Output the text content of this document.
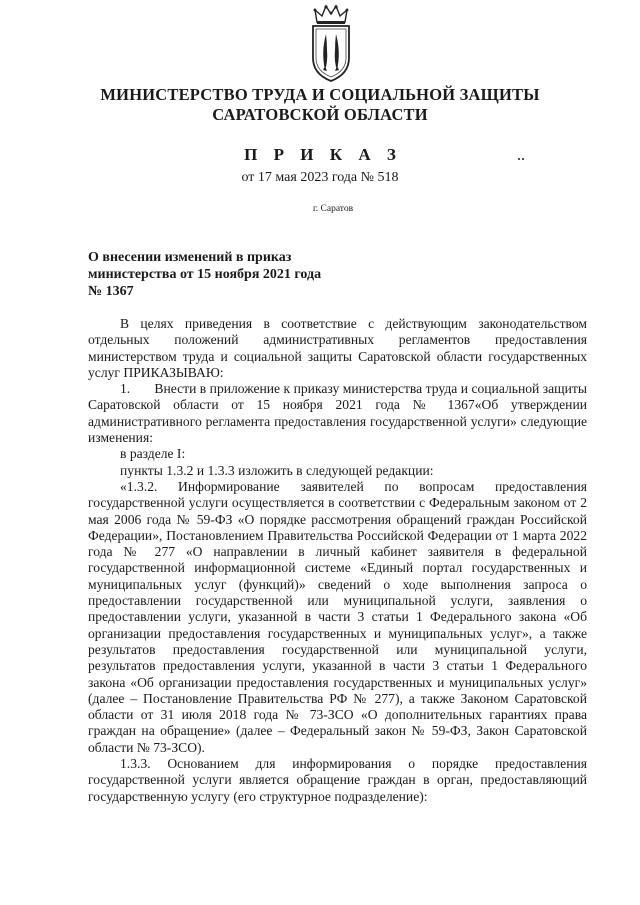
МИНИСТЕРСТВО ТРУДА И СОЦИАЛЬНОЙ ЗАЩИТЫ
САРАТОВСКОЙ ОБЛАСТИ
П Р И К А З
от 17 мая 2023 года № 518
г. Саратов
О внесении изменений в приказ
министерства от 15 ноября 2021 года
№ 1367

В целях приведения в соответствие с действующим законодательством отдельных положений административных регламентов предоставления министерством труда и социальной защиты Саратовской области государственных услуг ПРИКАЗЫВАЮ:

1.       Внести в приложение к приказу министерства труда и социальной защиты Саратовской области от 15 ноября 2021 года № 1367«Об утверждении административного регламента предоставления государственной услуги» следующие изменения:

в разделе I:

пункты 1.3.2 и 1.3.3 изложить в следующей редакции:

«1.3.2. Информирование заявителей по вопросам предоставления государственной услуги осуществляется в соответствии с Федеральным законом от 2 мая 2006 года № 59-ФЗ «О порядке рассмотрения обращений граждан Российской Федерации», Постановлением Правительства Российской Федерации от 1 марта 2022 года № 277 «О направлении в личный кабинет заявителя в федеральной государственной информационной системе «Единый портал государственных и муниципальных услуг (функций)» сведений о ходе выполнения запроса о предоставлении государственной или муниципальной услуги, заявления о предоставлении услуги, указанной в части 3 статьи 1 Федерального закона «Об организации предоставления государственных и муниципальных услуг», а также результатов предоставления государственной или муниципальной услуги, результатов предоставления услуги, указанной в части 3 статьи 1 Федерального закона «Об организации предоставления государственных и муниципальных услуг» (далее – Постановление Правительства РФ № 277), а также Законом Саратовской области от 31 июля 2018 года № 73-ЗСО «О дополнительных гарантиях права граждан на обращение» (далее – Федеральный закон № 59-ФЗ, Закон Саратовской области № 73-ЗСО).

1.3.3. Основанием для информирования о порядке предоставления государственной услуги является обращение граждан в орган, предоставляющий государственную услугу (его структурное подразделение):
